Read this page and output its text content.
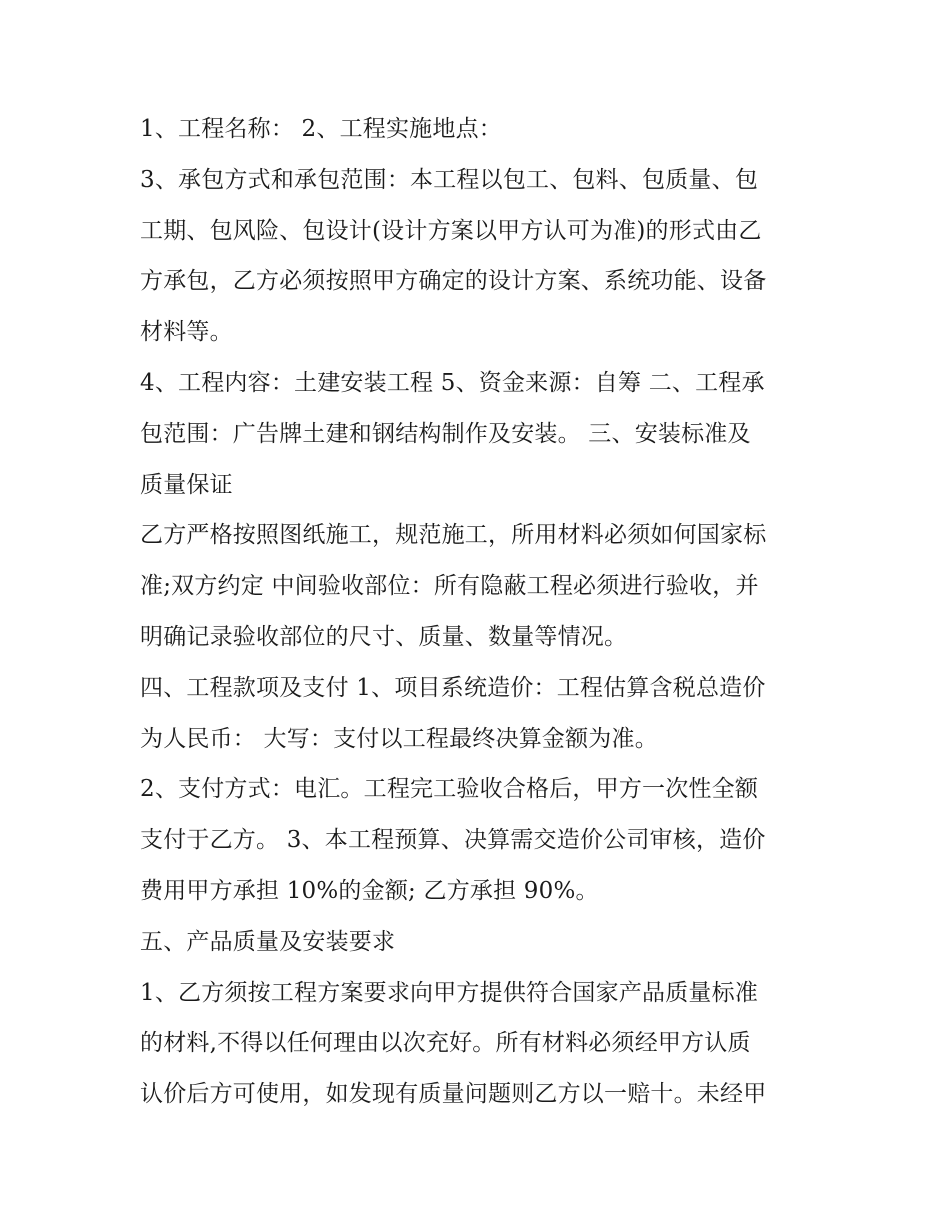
1、工程名称： 2、工程实施地点：
3、承包方式和承包范围：本工程以包工、包料、包质量、包
工期、包风险、包设计(设计方案以甲方认可为准)的形式由乙
方承包，乙方必须按照甲方确定的设计方案、系统功能、设备
材料等。
4、工程内容：土建安装工程 5、资金来源：自筹 二、工程承
包范围：广告牌土建和钢结构制作及安装。 三、安装标准及
质量保证
乙方严格按照图纸施工，规范施工，所用材料必须如何国家标
准;双方约定 中间验收部位：所有隐蔽工程必须进行验收，并
明确记录验收部位的尺寸、质量、数量等情况。
四、工程款项及支付 1、项目系统造价：工程估算含税总造价
为人民币： 大写：支付以工程最终决算金额为准。
2、支付方式：电汇。工程完工验收合格后，甲方一次性全额
支付于乙方。 3、本工程预算、决算需交造价公司审核，造价
费用甲方承担 10%的金额; 乙方承担 90%。
五、产品质量及安装要求
1、乙方须按工程方案要求向甲方提供符合国家产品质量标准
的材料,不得以任何理由以次充好。所有材料必须经甲方认质
认价后方可使用，如发现有质量问题则乙方以一赔十。未经甲
